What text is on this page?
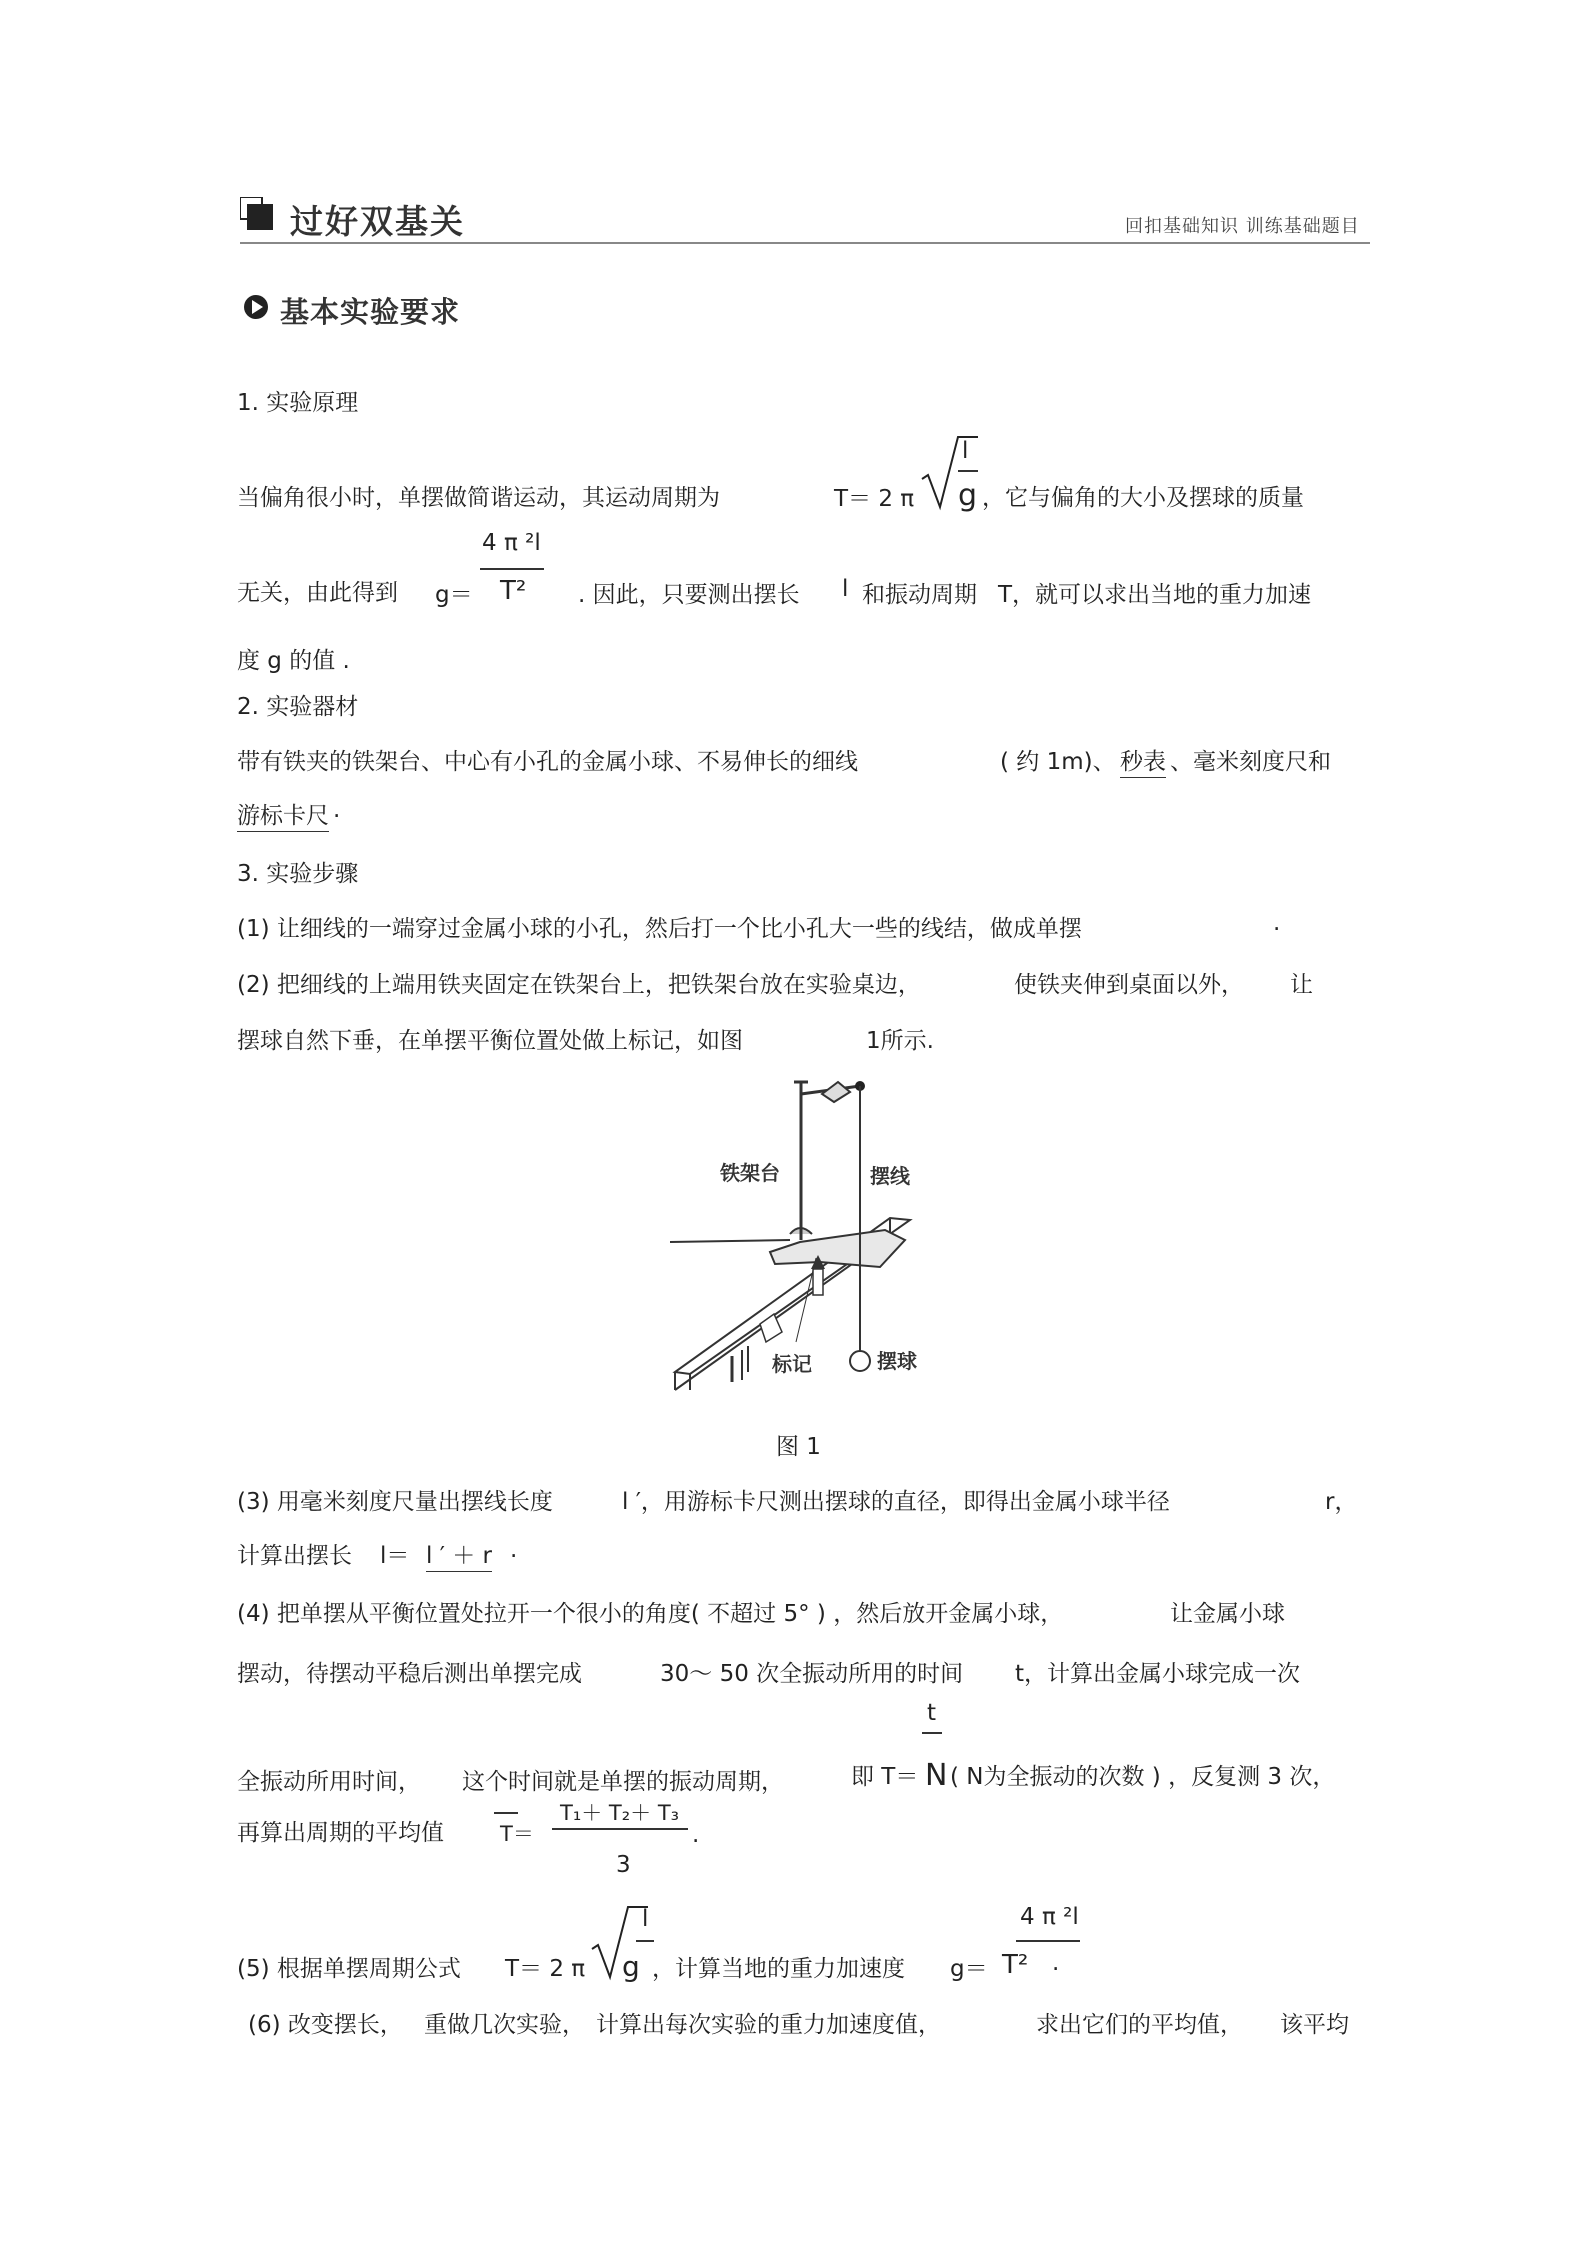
过好双基关	回扣基础知识 训练基础题目
基本实验要求
1. 实验原理
当偏角很小时，单摆做简谐运动，其运动周期为	T＝ 2 π
l
g ，它与偏角的大小及摆球的质量
无关，由此得到 g＝
4 π ²l
T² . 因此，只要测出摆长 l 和振动周期 T，就可以求出当地的重力加速
度 g 的值 .
2. 实验器材
带有铁夹的铁架台、中心有小孔的金属小球、不易伸长的细线	( 约 1m)、 秒表 、毫米刻度尺和
游标卡尺 .
3. 实验步骤
(1) 让细线的一端穿过金属小球的小孔，然后打一个比小孔大一些的线结，做成单摆	.
(2) 把细线的上端用铁夹固定在铁架台上，把铁架台放在实验桌边，	使铁夹伸到桌面以外， 让
摆球自然下垂，在单摆平衡位置处做上标记，如图	1所示.
铁架台	摆线
标记	摆球
图 1
(3) 用毫米刻度尺量出摆线长度	l ′，用游标卡尺测出摆球的直径，即得出金属小球半径	r，
计算出摆长 l＝ l ′ ＋ r .
(4) 把单摆从平衡位置处拉开一个很小的角度( 不超过 5° ) ，然后放开金属小球，	让金属小球
摆动，待摆动平稳后测出单摆完成	30～ 50 次全振动所用的时间 t，计算出金属小球完成一次
t
全振动所用时间， 这个时间就是单摆的振动周期，	即 T＝ N ( N为全振动的次数 ) ，反复测 3 次，
再算出周期的平均值	T＝
T₁＋ T₂＋ T₃
3
.
(5) 根据单摆周期公式 T＝ 2 π
l
g ，计算当地的重力加速度 g＝
4 π ²l
T² .
(6) 改变摆长， 重做几次实验， 计算出每次实验的重力加速度值，	求出它们的平均值， 该平均
